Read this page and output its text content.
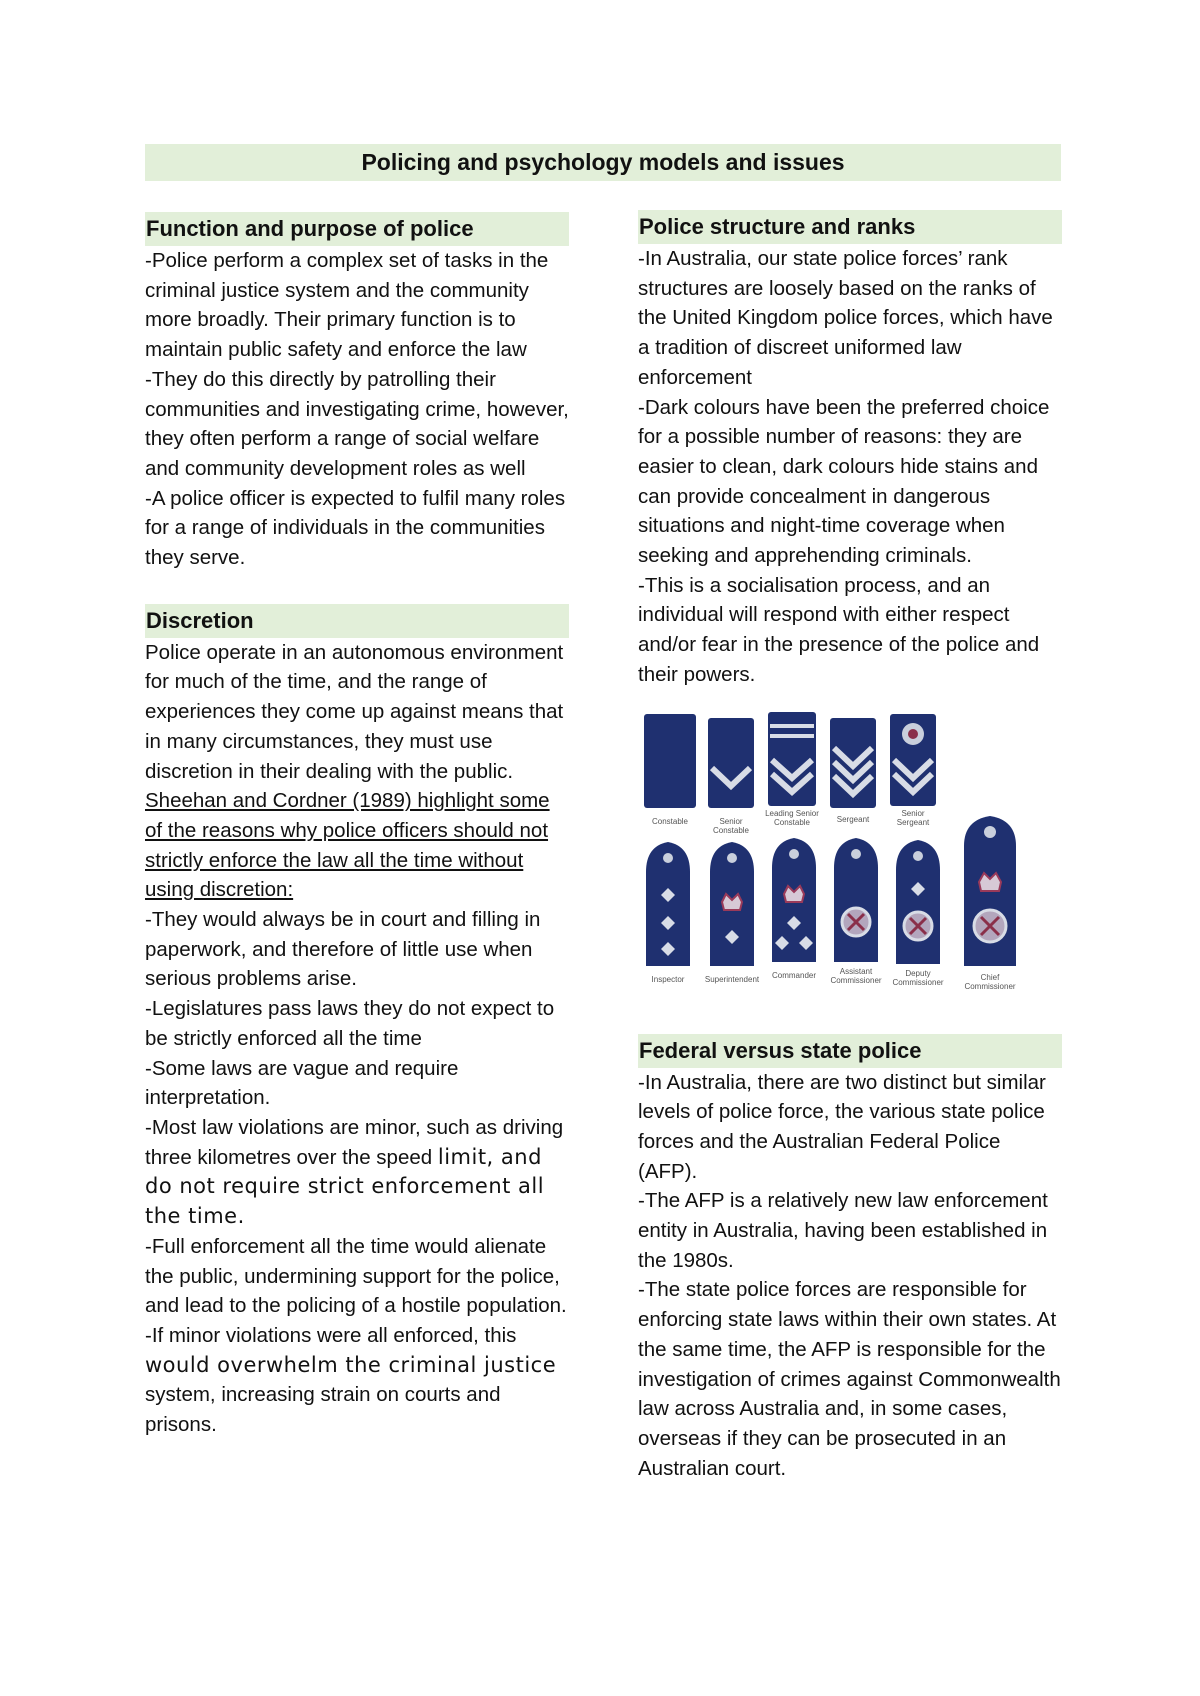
Policing and psychology models and issues
Function and purpose of police

-Police perform a complex set of tasks in the criminal justice system and the community more broadly. Their primary function is to maintain public safety and enforce the law

-They do this directly by patrolling their communities and investigating crime, however, they often perform a range of social welfare and community development roles as well

-A police officer is expected to fulfil many roles for a range of individuals in the communities they serve.

Discretion

Police operate in an autonomous environment for much of the time, and the range of experiences they come up against means that in many circumstances, they must use discretion in their dealing with the public.

Sheehan and Cordner (1989) highlight some of the reasons why police officers should not strictly enforce the law all the time without using discretion:

-They would always be in court and filling in paperwork, and therefore of little use when serious problems arise.

-Legislatures pass laws they do not expect to be strictly enforced all the time

-Some laws are vague and require interpretation.

-Most law violations are minor, such as driving three kilometres over the speed limit, and do not require strict enforcement all the time.

-Full enforcement all the time would alienate the public, undermining support for the police, and lead to the policing of a hostile population.

-If minor violations were all enforced, this would overwhelm the criminal justice system, increasing strain on courts and prisons.

Police structure and ranks

-In Australia, our state police forces’ rank structures are loosely based on the ranks of the United Kingdom police forces, which have a tradition of discreet uniformed law enforcement

-Dark colours have been the preferred choice for a possible number of reasons: they are easier to clean, dark colours hide stains and can provide concealment in dangerous situations and night-time coverage when seeking and apprehending criminals.

-This is a socialisation process, and an individual will respond with either respect and/or fear in the presence of the police and their powers.

Constable	Senior
Constable
Leading Senior
Constable	Sergeant
Senior
Sergeant
Inspector	Superintendent Commander	Assistant
Commissioner
Deputy
Commissioner
Chief
Commissioner
Federal versus state police

-In Australia, there are two distinct but similar levels of police force, the various state police forces and the Australian Federal Police (AFP).

-The AFP is a relatively new law enforcement entity in Australia, having been established in the 1980s.

-The state police forces are responsible for enforcing state laws within their own states. At the same time, the AFP is responsible for the investigation of crimes against Commonwealth law across Australia and, in some cases, overseas if they can be prosecuted in an Australian court.
